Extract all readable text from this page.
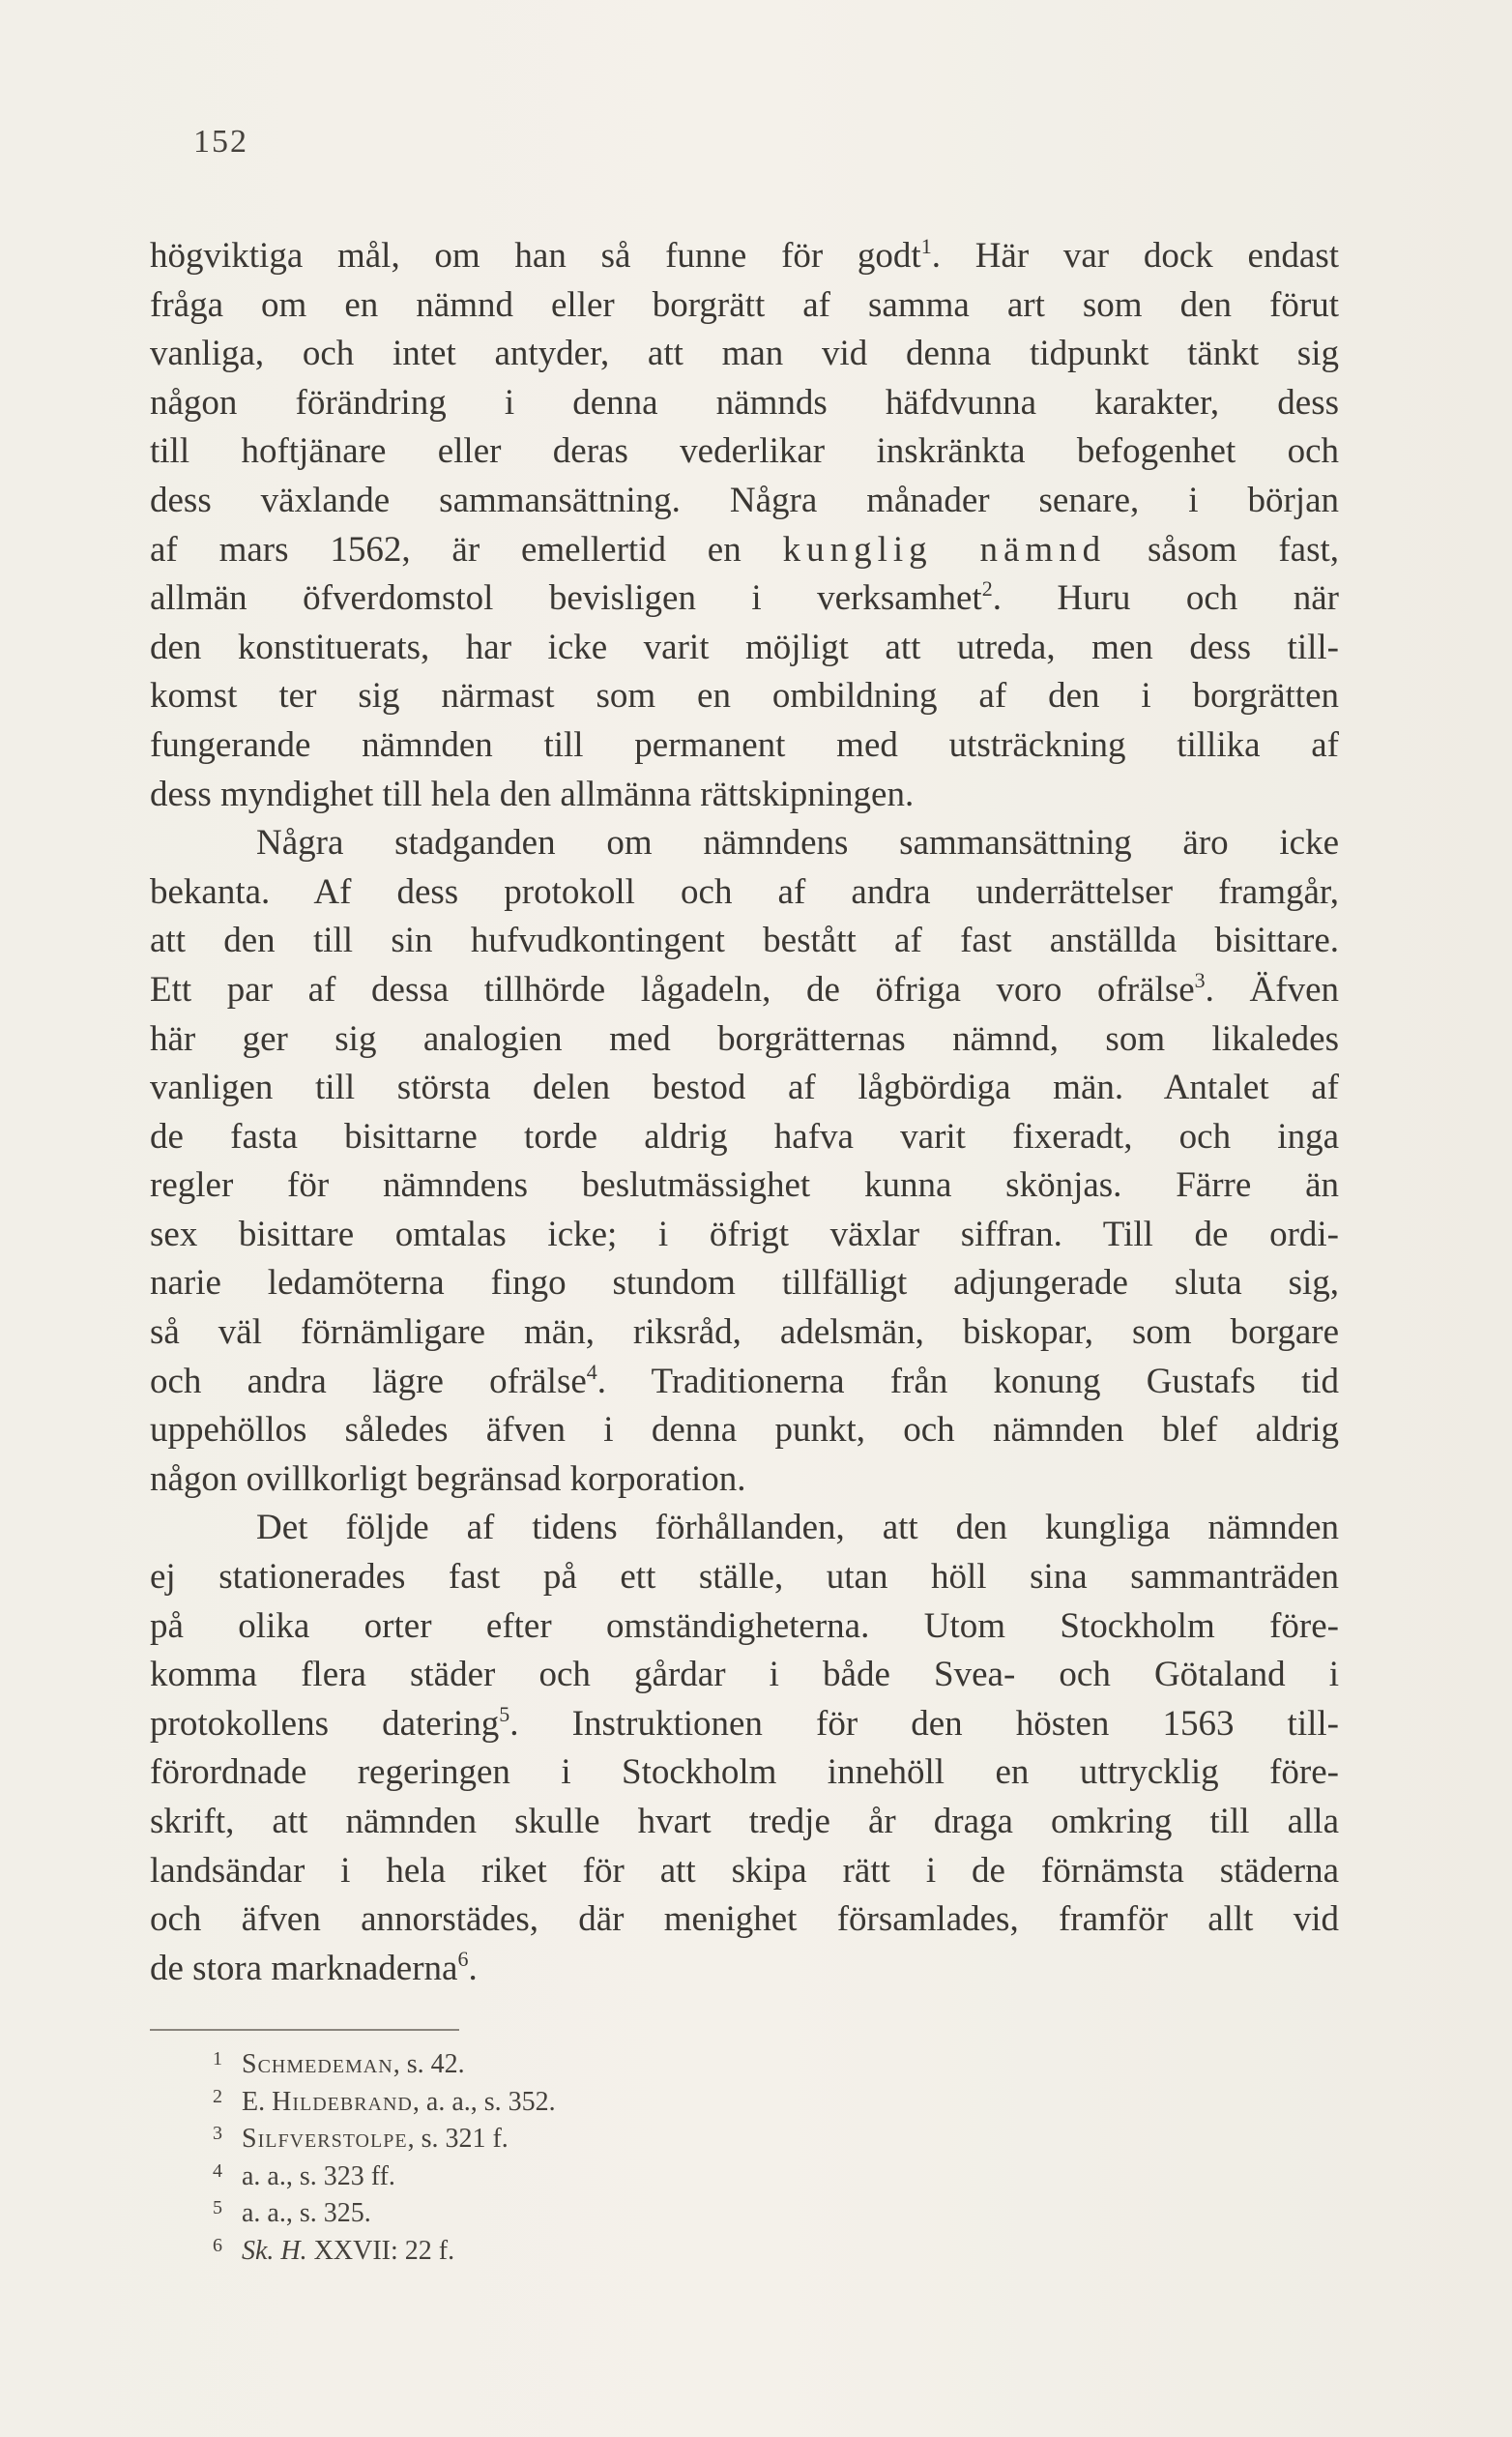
152
högviktiga mål, om han så funne för godt$^1$. Här var dock endast
fråga om en nämnd eller borgrätt af samma art som den förut
vanliga, och intet antyder, att man vid denna tidpunkt tänkt sig
någon förändring i denna nämnds häfdvunna karakter, dess
till hoftjänare eller deras vederlikar inskränkta befogenhet och
dess växlande sammansättning. Några månader senare, i början
af mars 1562, är emellertid en kunglig nämnd såsom fast,
allmän öfverdomstol bevisligen i verksamhet$^2$. Huru och när
den konstituerats, har icke varit möjligt att utreda, men dess till-
komst ter sig närmast som en ombildning af den i borgrätten
fungerande nämnden till permanent med utsträckning tillika af
dess myndighet till hela den allmänna rättskipningen.
Några stadganden om nämndens sammansättning äro icke
bekanta. Af dess protokoll och af andra underrättelser framgår,
att den till sin hufvudkontingent bestått af fast anställda bisittare.
Ett par af dessa tillhörde lågadeln, de öfriga voro ofrälse$^3$. Äfven
här ger sig analogien med borgrätternas nämnd, som likaledes
vanligen till största delen bestod af lågbördiga män. Antalet af
de fasta bisittarne torde aldrig hafva varit fixeradt, och inga
regler för nämndens beslutmässighet kunna skönjas. Färre än
sex bisittare omtalas icke; i öfrigt växlar siffran. Till de ordi-
narie ledamöterna fingo stundom tillfälligt adjungerade sluta sig,
så väl förnämligare män, riksråd, adelsmän, biskopar, som borgare
och andra lägre ofrälse$^4$. Traditionerna från konung Gustafs tid
uppehöllos således äfven i denna punkt, och nämnden blef aldrig
någon ovillkorligt begränsad korporation.
Det följde af tidens förhållanden, att den kungliga nämnden
ej stationerades fast på ett ställe, utan höll sina sammanträden
på olika orter efter omständigheterna. Utom Stockholm före-
komma flera städer och gårdar i både Svea- och Götaland i
protokollens datering$^5$. Instruktionen för den hösten 1563 till-
förordnade regeringen i Stockholm innehöll en uttrycklig före-
skrift, att nämnden skulle hvart tredje år draga omkring till alla
landsändar i hela riket för att skipa rätt i de förnämsta städerna
och äfven annorstädes, där menighet församlades, framför allt vid
de stora marknaderna$^6$.
1 Schmedeman, s. 42.
2 E. Hildebrand, a. a., s. 352.
3 Silfverstolpe, s. 321 f.
4 a. a., s. 323 ff.
5 a. a., s. 325.
6 Sk. H. XXVII: 22 f.
